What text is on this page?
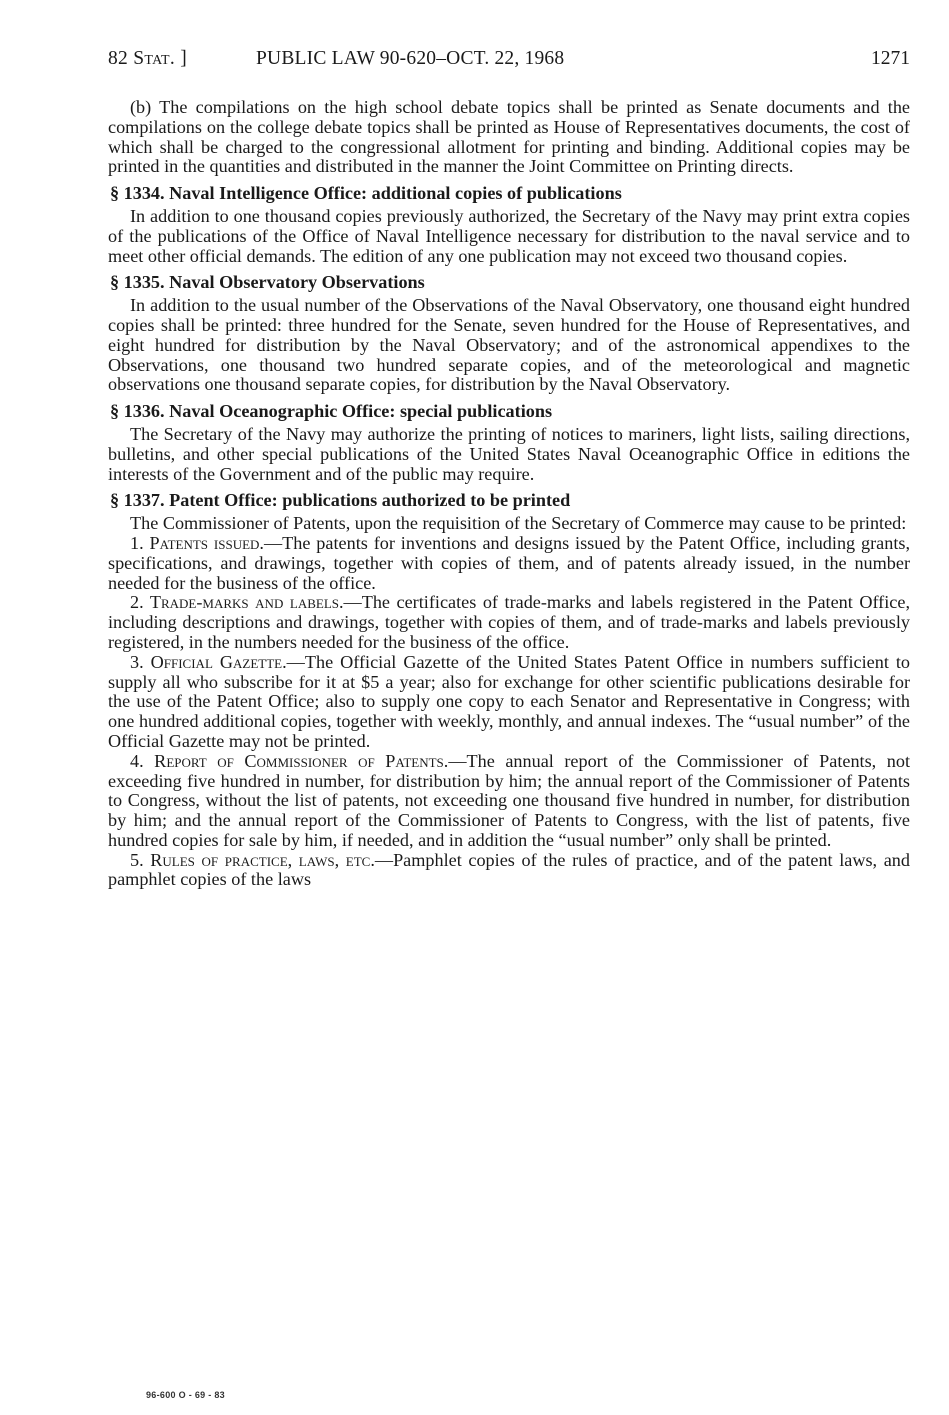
82 Stat. ]	PUBLIC LAW 90-620–OCT. 22, 1968	1271

(b) The compilations on the high school debate topics shall be printed as Senate documents and the compilations on the college debate topics shall be printed as House of Representatives documents, the cost of which shall be charged to the congressional allotment for printing and binding. Additional copies may be printed in the quantities and distributed in the manner the Joint Committee on Printing directs.

§ 1334. Naval Intelligence Office: additional copies of publications

In addition to one thousand copies previously authorized, the Secretary of the Navy may print extra copies of the publications of the Office of Naval Intelligence necessary for distribution to the naval service and to meet other official demands. The edition of any one publication may not exceed two thousand copies.

§ 1335. Naval Observatory Observations

In addition to the usual number of the Observations of the Naval Observatory, one thousand eight hundred copies shall be printed: three hundred for the Senate, seven hundred for the House of Representatives, and eight hundred for distribution by the Naval Observatory; and of the astronomical appendixes to the Observations, one thousand two hundred separate copies, and of the meteorological and magnetic observations one thousand separate copies, for distribution by the Naval Observatory.

§ 1336. Naval Oceanographic Office: special publications

The Secretary of the Navy may authorize the printing of notices to mariners, light lists, sailing directions, bulletins, and other special publications of the United States Naval Oceanographic Office in editions the interests of the Government and of the public may require.

§ 1337. Patent Office: publications authorized to be printed

The Commissioner of Patents, upon the requisition of the Secretary of Commerce may cause to be printed:

1. Patents issued.—The patents for inventions and designs issued by the Patent Office, including grants, specifications, and drawings, together with copies of them, and of patents already issued, in the number needed for the business of the office.

2. Trade-marks and labels.—The certificates of trade-marks and labels registered in the Patent Office, including descriptions and drawings, together with copies of them, and of trade-marks and labels previously registered, in the numbers needed for the business of the office.

3. Official Gazette.—The Official Gazette of the United States Patent Office in numbers sufficient to supply all who subscribe for it at $5 a year; also for exchange for other scientific publications desirable for the use of the Patent Office; also to supply one copy to each Senator and Representative in Congress; with one hundred additional copies, together with weekly, monthly, and annual indexes. The “usual number” of the Official Gazette may not be printed.

4. Report of Commissioner of Patents.—The annual report of the Commissioner of Patents, not exceeding five hundred in number, for distribution by him; the annual report of the Commissioner of Patents to Congress, without the list of patents, not exceeding one thousand five hundred in number, for distribution by him; and the annual report of the Commissioner of Patents to Congress, with the list of patents, five hundred copies for sale by him, if needed, and in addition the “usual number” only shall be printed.

5. Rules of practice, laws, etc.—Pamphlet copies of the rules of practice, and of the patent laws, and pamphlet copies of the laws

96-600 O - 69 - 83
